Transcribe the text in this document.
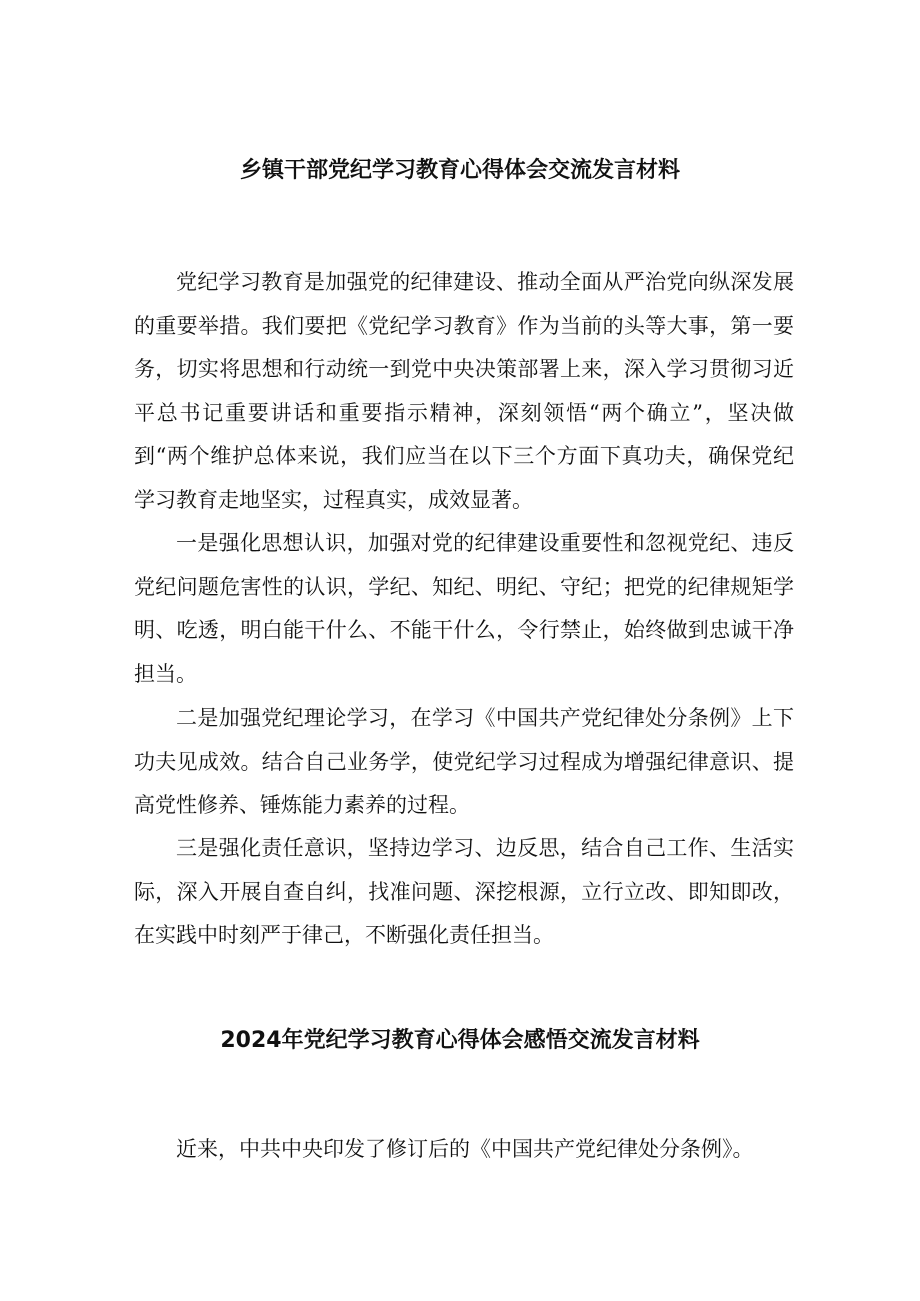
乡镇干部党纪学习教育心得体会交流发言材料

党纪学习教育是加强党的纪律建设、推动全面从严治党向纵深发展的重要举措。我们要把《党纪学习教育》作为当前的头等大事，第一要务，切实将思想和行动统一到党中央决策部署上来，深入学习贯彻习近平总书记重要讲话和重要指示精神，深刻领悟“两个确立”，坚决做到“两个维护总体来说，我们应当在以下三个方面下真功夫，确保党纪学习教育走地坚实，过程真实，成效显著。

一是强化思想认识，加强对党的纪律建设重要性和忽视党纪、违反党纪问题危害性的认识，学纪、知纪、明纪、守纪；把党的纪律规矩学明、吃透，明白能干什么、不能干什么，令行禁止，始终做到忠诚干净担当。

二是加强党纪理论学习，在学习《中国共产党纪律处分条例》上下功夫见成效。结合自己业务学，使党纪学习过程成为增强纪律意识、提高党性修养、锤炼能力素养的过程。

三是强化责任意识，坚持边学习、边反思，结合自己工作、生活实际，深入开展自查自纠，找准问题、深挖根源，立行立改、即知即改，在实践中时刻严于律己，不断强化责任担当。

2024年党纪学习教育心得体会感悟交流发言材料

近来，中共中央印发了修订后的《中国共产党纪律处分条例》。
